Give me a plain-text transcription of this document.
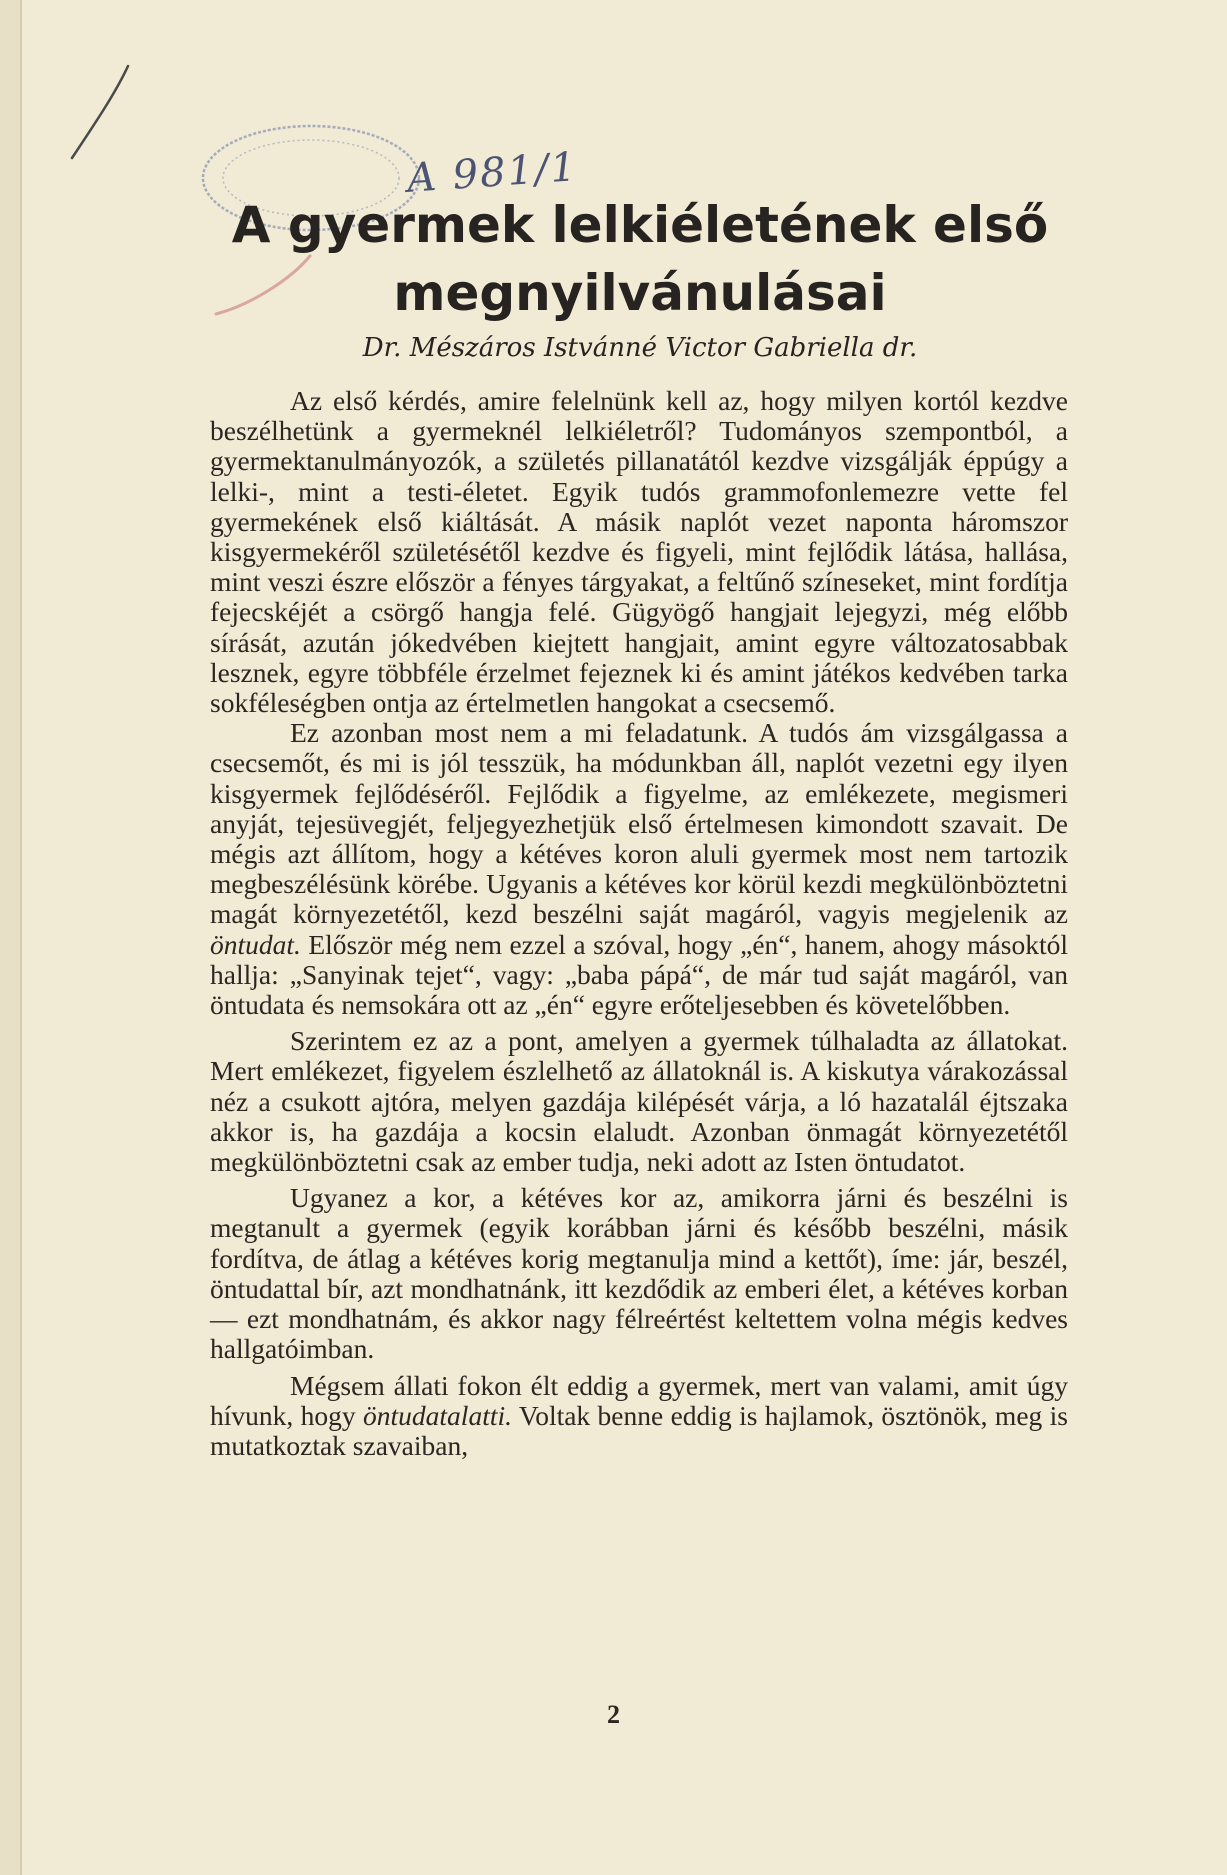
A 981/1
A gyermek lelkiéletének első
megnyilvánulásai
Dr. Mészáros Istvánné Victor Gabriella dr.

Az első kérdés, amire felelnünk kell az, hogy milyen kortól kezdve beszélhetünk a gyermeknél lelkiéletről? Tudományos szempontból, a gyermektanulmányozók, a születés pillanatától kezdve vizsgálják éppúgy a lelki-, mint a testi-életet. Egyik tudós grammofonlemezre vette fel gyermekének első kiáltását. A másik naplót vezet naponta háromszor kisgyermekéről születésétől kezdve és figyeli, mint fejlődik látása, hallása, mint veszi észre először a fényes tárgyakat, a feltűnő színeseket, mint fordítja fejecskéjét a csörgő hangja felé. Gügyögő hangjait lejegyzi, még előbb sírását, azután jókedvében kiejtett hangjait, amint egyre változatosabbak lesznek, egyre többféle érzelmet fejeznek ki és amint játékos kedvében tarka sokféleségben ontja az értelmetlen hangokat a csecsemő.

Ez azonban most nem a mi feladatunk. A tudós ám vizsgálgassa a csecsemőt, és mi is jól tesszük, ha módunkban áll, naplót vezetni egy ilyen kisgyermek fejlődéséről. Fejlődik a figyelme, az emlékezete, megismeri anyját, tejesüvegjét, feljegyezhetjük első értelmesen kimondott szavait. De mégis azt állítom, hogy a kétéves koron aluli gyermek most nem tartozik megbeszélésünk körébe. Ugyanis a kétéves kor körül kezdi megkülönböztetni magát környezetétől, kezd beszélni saját magáról, vagyis megjelenik az öntudat. Először még nem ezzel a szóval, hogy „én“, hanem, ahogy másoktól hallja: „Sanyinak tejet“, vagy: „baba pápá“, de már tud saját magáról, van öntudata és nemsokára ott az „én“ egyre erőteljesebben és követelőbben.

Szerintem ez az a pont, amelyen a gyermek túlhaladta az állatokat. Mert emlékezet, figyelem észlelhető az állatoknál is. A kiskutya várakozással néz a csukott ajtóra, melyen gazdája kilépését várja, a ló hazatalál éjtszaka akkor is, ha gazdája a kocsin elaludt. Azonban önmagát környezetétől megkülönböztetni csak az ember tudja, neki adott az Isten öntudatot.

Ugyanez a kor, a kétéves kor az, amikorra járni és beszélni is megtanult a gyermek (egyik korábban járni és később beszélni, másik fordítva, de átlag a kétéves korig megtanulja mind a kettőt), íme: jár, beszél, öntudattal bír, azt mondhatnánk, itt kezdődik az emberi élet, a kétéves korban — ezt mondhatnám, és akkor nagy félreértést keltettem volna mégis kedves hallgatóimban.

Mégsem állati fokon élt eddig a gyermek, mert van valami, amit úgy hívunk, hogy öntudatalatti. Voltak benne eddig is hajlamok, ösztönök, meg is mutatkoztak szavaiban,

2
